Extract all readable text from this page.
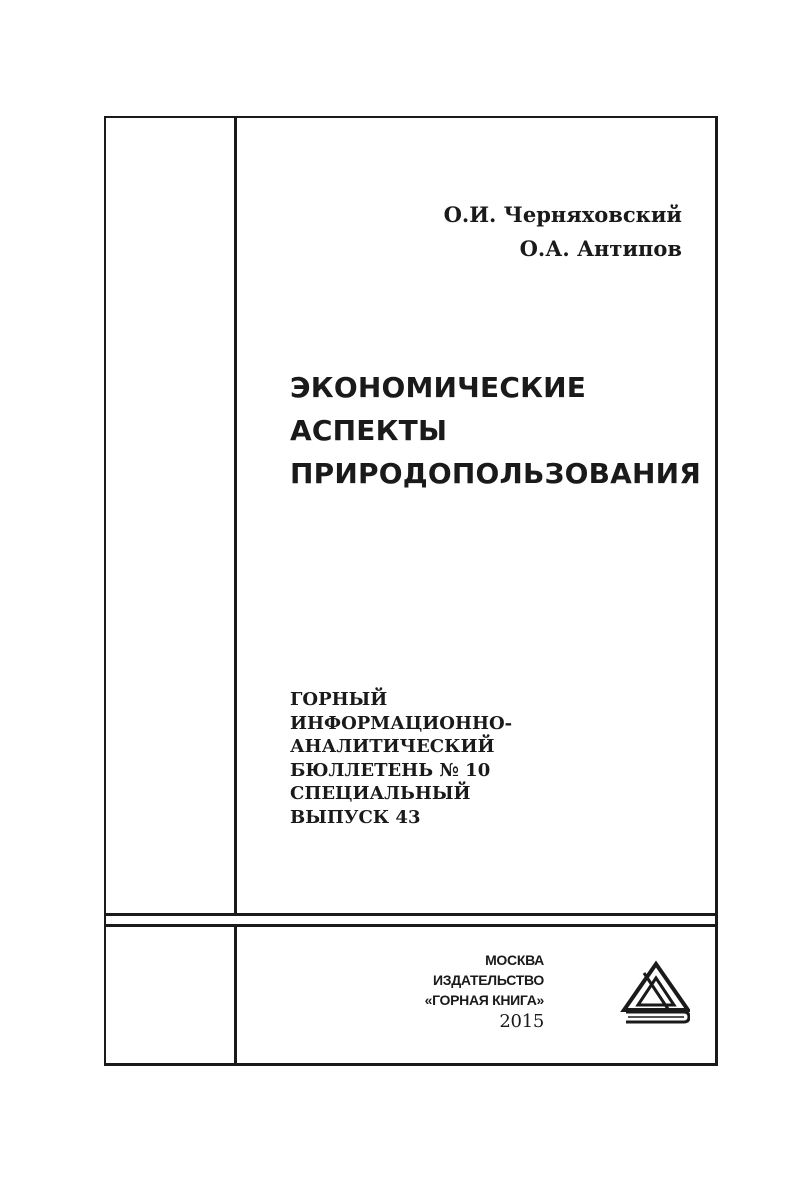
О.И. Черняховский
О.А. Антипов
ЭКОНОМИЧЕСКИЕ
АСПЕКТЫ
ПРИРОДОПОЛЬЗОВАНИЯ
ГОРНЫЙ
ИНФОРМАЦИОННО-
АНАЛИТИЧЕСКИЙ
БЮЛЛЕТЕНЬ № 10
СПЕЦИАЛЬНЫЙ
ВЫПУСК 43
МОСКВА
ИЗДАТЕЛЬСТВО
«ГОРНАЯ КНИГА»
2015
